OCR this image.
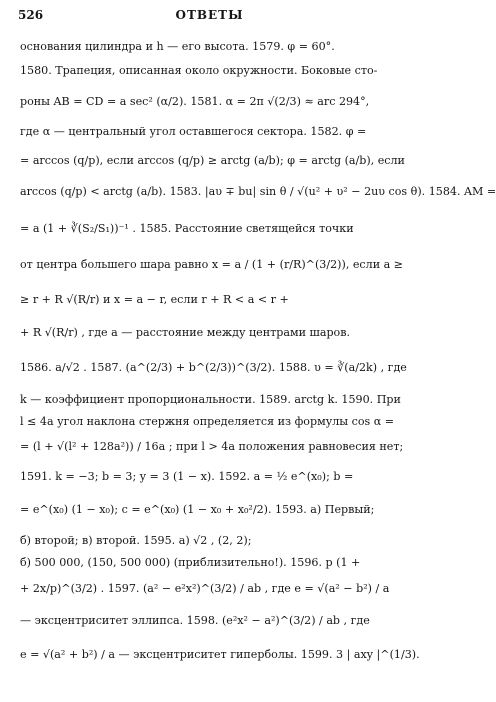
526	ОТВЕТЫ
основания цилиндра и h — его высота. 1579. φ = 60°.
1580. Трапеция, описанная около окружности. Боковые сто-
роны AB = CD = a sec² (α/2). 1581. α = 2π √(2/3) ≈ arc 294°,
где α — центральный угол оставшегося сектора. 1582. φ =
= arccos (q/p), если arccos (q/p) ≥ arctg (a/b); φ = arctg (a/b), если
arccos (q/p) < arctg (a/b). 1583. |aυ ∓ bu| sin θ / √(u² + υ² − 2uυ cos θ). 1584. AM =
= a (1 + ∛(S₂/S₁))⁻¹ . 1585. Расстояние светящейся точки
от центра большего шара равно x = a / (1 + (r/R)^(3/2)), если a ≥
≥ r + R √(R/r) и x = a − r, если r + R < a < r +
+ R √(R/r) , где a — расстояние между центрами шаров.
1586. a/√2 . 1587. (a^(2/3) + b^(2/3))^(3/2). 1588. υ = ∛(a/2k) , где
k — коэффициент пропорциональности. 1589. arctg k. 1590. При
l ≤ 4a угол наклона стержня определяется из формулы cos α =
= (l + √(l² + 128a²)) / 16a ; при l > 4a положения равновесия нет;
1591. k = −3; b = 3; y = 3 (1 − x). 1592. a = ½ e^(x₀); b =
= e^(x₀) (1 − x₀); c = e^(x₀) (1 − x₀ + x₀²/2). 1593. а) Первый;
б) второй; в) второй. 1595. а) √2 , (2, 2);
б) 500 000, (150, 500 000) (приблизительно!). 1596. p (1 +
+ 2x/p)^(3/2) . 1597. (a² − e²x²)^(3/2) / ab , где e = √(a² − b²) / a
— эксцентриситет эллипса. 1598. (e²x² − a²)^(3/2) / ab , где
e = √(a² + b²) / a — эксцентриситет гиперболы. 1599. 3 | axy |^(1/3).
